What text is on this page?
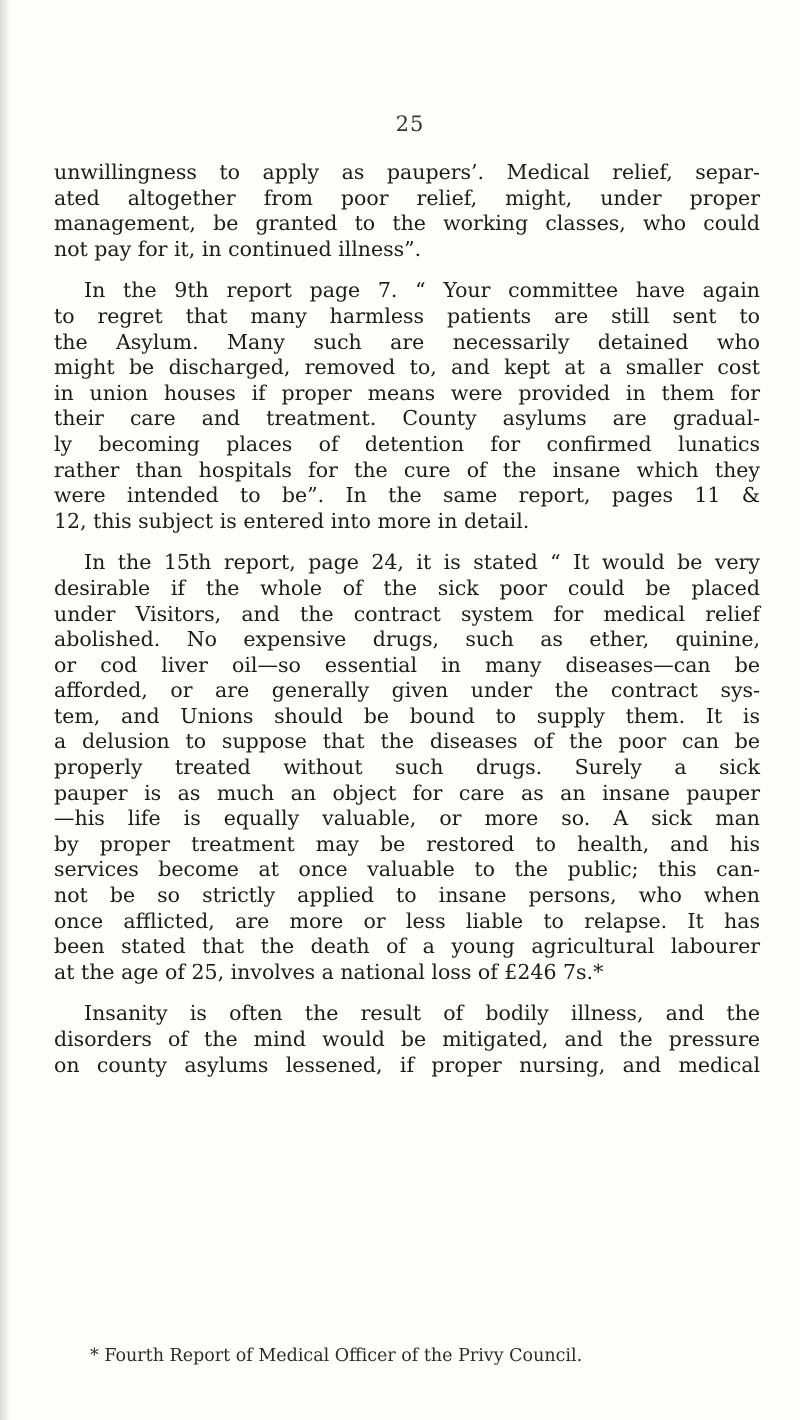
25
unwillingness to apply as paupers’. Medical relief, separ-
ated altogether from poor relief, might, under proper
management, be granted to the working classes, who could
not pay for it, in continued illness”.
In the 9th report page 7. “ Your committee have again
to regret that many harmless patients are still sent to
the Asylum. Many such are necessarily detained who
might be discharged, removed to, and kept at a smaller cost
in union houses if proper means were provided in them for
their care and treatment. County asylums are gradual-
ly becoming places of detention for confirmed lunatics
rather than hospitals for the cure of the insane which they
were intended to be”. In the same report, pages 11 &
12, this subject is entered into more in detail.
In the 15th report, page 24, it is stated “ It would be very
desirable if the whole of the sick poor could be placed
under Visitors, and the contract system for medical relief
abolished. No expensive drugs, such as ether, quinine,
or cod liver oil—so essential in many diseases—can be
afforded, or are generally given under the contract sys-
tem, and Unions should be bound to supply them. It is
a delusion to suppose that the diseases of the poor can be
properly treated without such drugs. Surely a sick
pauper is as much an object for care as an insane pauper
—his life is equally valuable, or more so. A sick man
by proper treatment may be restored to health, and his
services become at once valuable to the public; this can-
not be so strictly applied to insane persons, who when
once afflicted, are more or less liable to relapse. It has
been stated that the death of a young agricultural labourer
at the age of 25, involves a national loss of £246 7s.*
Insanity is often the result of bodily illness, and the
disorders of the mind would be mitigated, and the pressure
on county asylums lessened, if proper nursing, and medical
* Fourth Report of Medical Officer of the Privy Council.
